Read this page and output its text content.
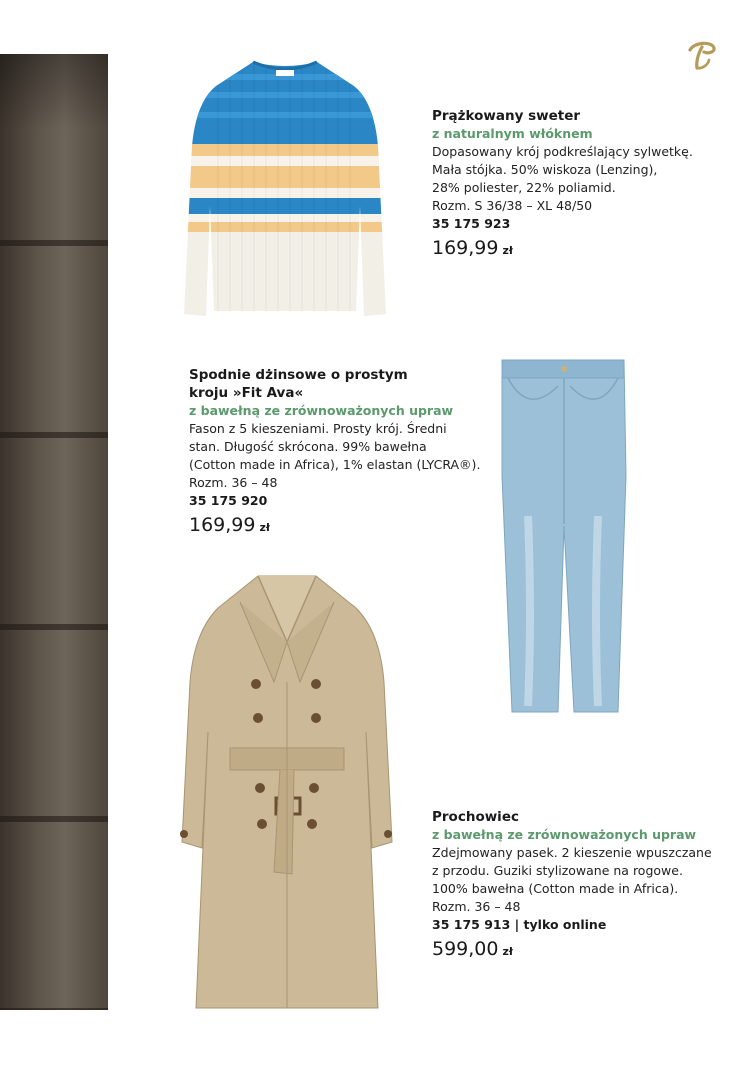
Prążkowany sweter

z naturalnym włóknem

Dopasowany krój podkreślający sylwetkę.

Mała stójka. 50% wiskoza (Lenzing),

28% poliester, 22% poliamid.

Rozm. S 36/38 – XL 48/50

35 175 923

169,99 zł

Spodnie dżinsowe o prostym

kroju »Fit Ava«

z bawełną ze zrównoważonych upraw

Fason z 5 kieszeniami. Prosty krój. Średni

stan. Długość skrócona. 99% bawełna

(Cotton made in Africa), 1% elastan (LYCRA®).

Rozm. 36 – 48

35 175 920

169,99 zł

Prochowiec

z bawełną ze zrównoważonych upraw

Zdejmowany pasek. 2 kieszenie wpuszczane

z przodu. Guziki stylizowane na rogowe.

100% bawełna (Cotton made in Africa).

Rozm. 36 – 48

35 175 913 | tylko online

599,00 zł
